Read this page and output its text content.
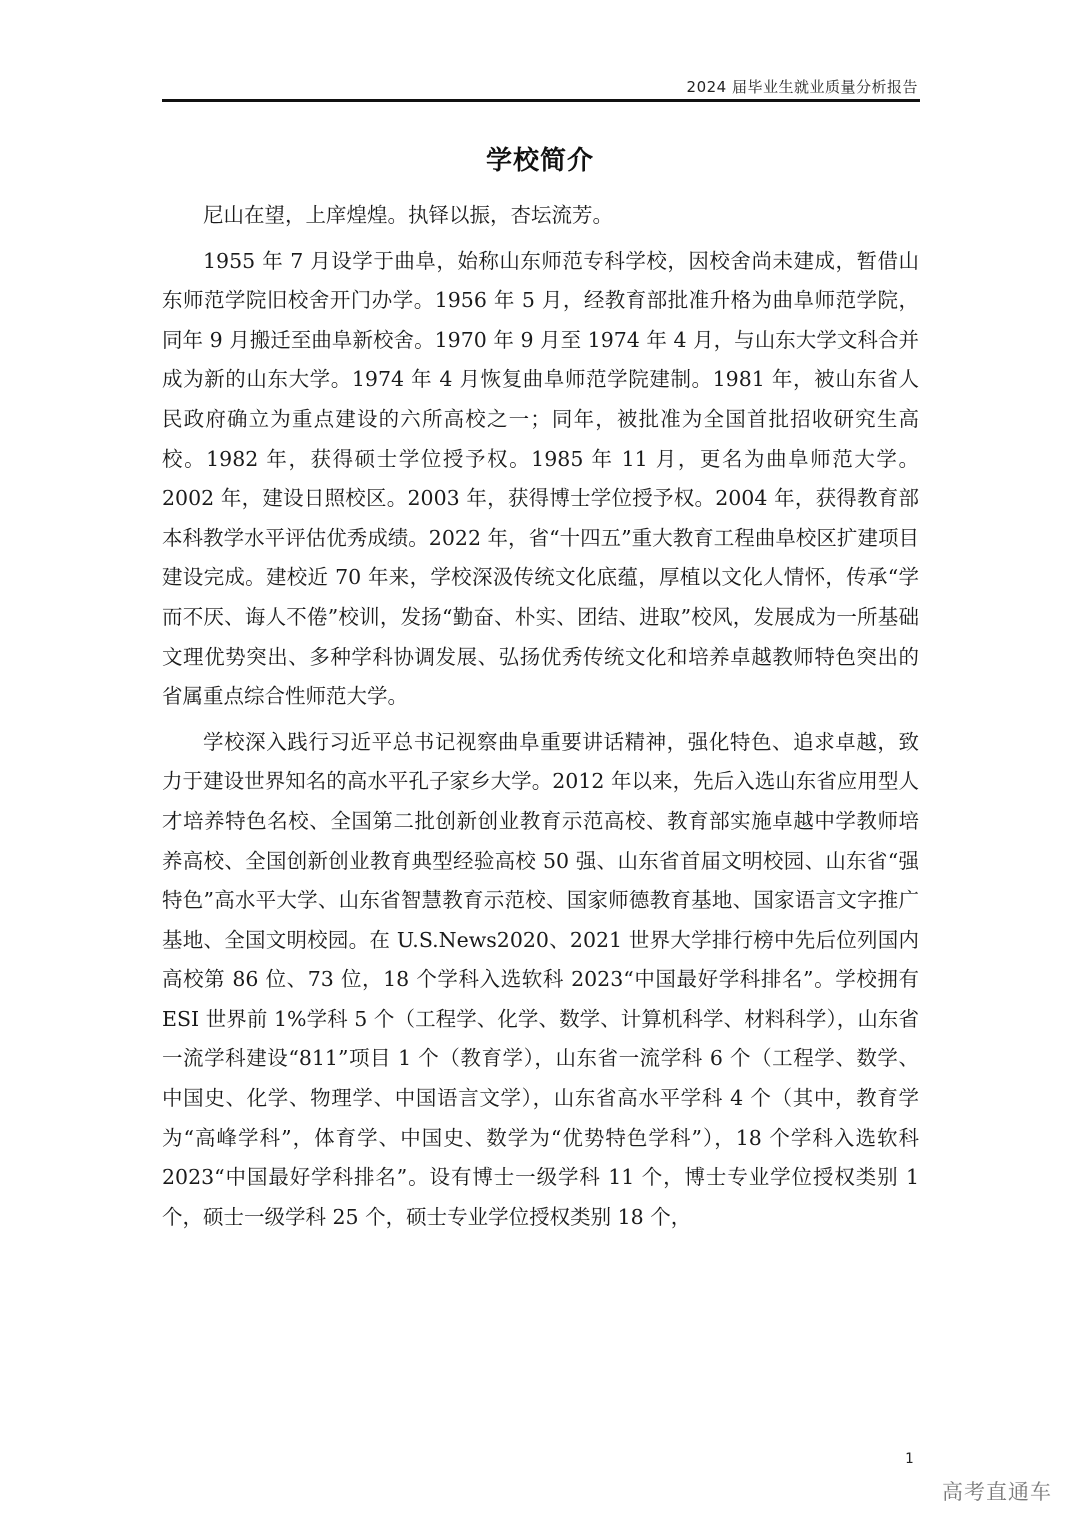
2024 届毕业生就业质量分析报告
学校简介

尼山在望，上庠煌煌。执铎以振，杏坛流芳。

1955 年 7 月设学于曲阜，始称山东师范专科学校，因校舍尚未建成，暂借山东师范学院旧校舍开门办学。1956 年 5 月，经教育部批准升格为曲阜师范学院，同年 9 月搬迁至曲阜新校舍。1970 年 9 月至 1974 年 4 月，与山东大学文科合并成为新的山东大学。1974 年 4 月恢复曲阜师范学院建制。1981 年，被山东省人民政府确立为重点建设的六所高校之一；同年，被批准为全国首批招收研究生高校。1982 年，获得硕士学位授予权。1985 年 11 月，更名为曲阜师范大学。2002 年，建设日照校区。2003 年，获得博士学位授予权。2004 年，获得教育部本科教学水平评估优秀成绩。2022 年，省“十四五”重大教育工程曲阜校区扩建项目建设完成。建校近 70 年来，学校深汲传统文化底蕴，厚植以文化人情怀，传承“学而不厌、诲人不倦”校训，发扬“勤奋、朴实、团结、进取”校风，发展成为一所基础文理优势突出、多种学科协调发展、弘扬优秀传统文化和培养卓越教师特色突出的省属重点综合性师范大学。

学校深入践行习近平总书记视察曲阜重要讲话精神，强化特色、追求卓越，致力于建设世界知名的高水平孔子家乡大学。2012 年以来，先后入选山东省应用型人才培养特色名校、全国第二批创新创业教育示范高校、教育部实施卓越中学教师培养高校、全国创新创业教育典型经验高校 50 强、山东省首届文明校园、山东省“强特色”高水平大学、山东省智慧教育示范校、国家师德教育基地、国家语言文字推广基地、全国文明校园。在 U.S.News2020、2021 世界大学排行榜中先后位列国内高校第 86 位、73 位，18 个学科入选软科 2023“中国最好学科排名”。学校拥有 ESI 世界前 1%学科 5 个（工程学、化学、数学、计算机科学、材料科学），山东省一流学科建设“811”项目 1 个（教育学），山东省一流学科 6 个（工程学、数学、中国史、化学、物理学、中国语言文学），山东省高水平学科 4 个（其中，教育学为“高峰学科”，体育学、中国史、数学为“优势特色学科”），18 个学科入选软科 2023“中国最好学科排名”。设有博士一级学科 11 个，博士专业学位授权类别 1 个，硕士一级学科 25 个，硕士专业学位授权类别 18 个，

1
高考直通车
